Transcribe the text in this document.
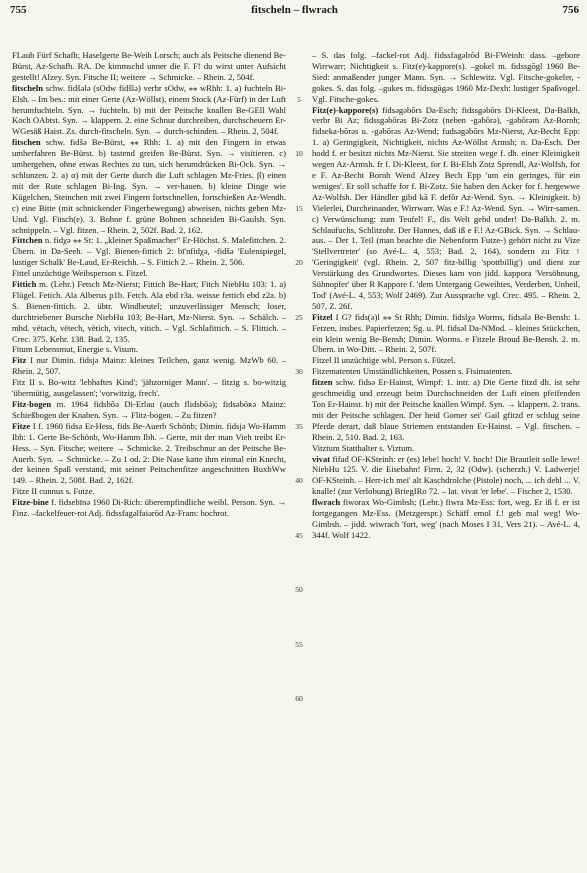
755	fitscheln – flwrach	756
FLaub Fürf Schafh; Haselgerte Be-Weih Lorsch; auch als Peitsche dienend Be-Bürst, Az-Schafh. RA. De kimmschd unner die F. F! du wirst unter Aufsicht gestellt! Alzey. Syn. Fitsche II; weitere → Schmicke. – Rhein. 2, 504f.
fitscheln schw. fidšələ (sOdw fidšlə) verbr sOdw, ⁎⁎ wRhh: 1. a) fuchteln Bi-Elsh. – Im bes.: mit einer Gerte (Az-Wöllst), einem Stock (Az-Fürf) in der Luft herumfuchteln. Syn. → fuchteln. b) mit der Peitsche knallen Be-GEll Wahl Koch OAbtst. Syn. → klappern. 2. eine Schnur durchreiben, durchscheuern Er-WGesäß Haist. Zs. durch-fitscheln. Syn. → durch-schinden. – Rhein. 2, 504f.
fitschen schw. fidšə Be-Bürst, ⁎⁎ Rhh: 1. a) mit den Fingern in etwas umherfahren Be-Bürst. b) tastend greifen Be-Bürst. Syn. → visitieren. c) umhergehen, ohne etwas Rechtes zu tun, sich herumdrücken Bi-Ock. Syn. → schlunzen. 2. a) α) mit der Gerte durch die Luft schlagen Mz-Fries. β) einen mit der Rute schlagen Bi-Ing. Syn. → ver-hauen. b) kleine Dinge wie Kügelchen, Steinchen mit zwei Fingern fortschnellen, fortschießen Az-Wendh. c) eine Bitte (mit schnickender Fingerbewegung) abweisen, nichts geben Mz-Und. Vgl. Fitsch(e). 3. Bohne f. grüne Bohnen schneiden Bi-Gaulsh. Syn. schnippeln. – Vgl. fitzen. – Rhein. 2, 502f. Bad. 2, 162.
Fittchen n. fidχə ⁎⁎ St: 1. „kleiner Spaßmacher" Er-Höchst. S. Malefittchen. 2. Übern. in Da-Seeh. – Vgl. Bienen-fittich 2: bī'nfidχə, -fidšə 'Eulenspiegel, lustiger Schalk' Be-Laud, Er-Reichh. – S. Fittich 2. – Rhein. 2, 506.
Fittel unzüchtige Weibsperson s. Fitzel.
Fittich m. (Lehr.) Fetsch Mz-Nierst; Fittich Be-Hart; Fitch NiebHu 103: 1. a) Flügel. Fetich. Ala Alberus p1b. Fetch. Ala ebd r3a. weisse fettich ebd z2a. b) S. Bienen-fittich. 2. übtr. Windbeutel; unzuverlässiger Mensch; loser, durchtriebener Bursche NiebHu 103; Be-Hart, Mz-Nierst. Syn. → Schälch. – mhd. vëtach, vëtech, vëtich, vitech, vitich. – Vgl. Schlafittich. – S. Flittich. – Crec. 375. Kehr. 138. Bad. 2, 135.
Fitum Lebensmut, Energie s. Visum.
Fitz I nur Dimin. fidsjə Mainz: kleines Teilchen, ganz wenig. MzWb 60. – Rhein. 2, 507.
Fitz II s. Bo-witz 'lebhaftes Kind'; 'jähzorniger Mann'. – fitzig s. bo-witzig 'übermütig, ausgelassen'; 'vorwitzig, frech'.
Fitz-bogen m. 1964 fidsbōə Di-Erlau (auch flidsbōə); fidsəbōʀə Mainz: Schießbogen der Knaben. Syn. → Flitz-bogen. – Zu fitzen?
Fitze I f. 1960 fidsə Er-Hess, fids Be-Auerb Schönb; Dimin. fidsjə Wo-Hamm Ibh: 1. Gerte Be-Schönb, Wo-Hamm Ibh. – Gerte, mit der man Vieh treibt Er-Hess. – Syn. Fitsche; weitere → Schmicke. 2. Treibschnur an der Peitsche Be-Auerb. Syn. → Schmicke. – Zu 1 od. 2: Die Nase katte ihm einmal ein Knecht, der keinen Spaß verstand, mit seiner Peitschenfitze angeschnitten BuxbWw 149. – Rhein. 2, 508f. Bad. 2, 162f.
Fitze II cunnus s. Futze.
Fitze-bine f. fidsebīnə 1960 Di-Rich: überempfindliche weibl. Person. Syn. → Finz. –fackelfeuer-rot Adj. fidssfagəlfaiərōd Az-Fram: hochrot.
5
10
15
20
25
30
35
40
45
50
55
60
– S. das folg. –fackel-rot Adj. fidssfagəlrōd Bi-FWeinh: dass. –gebore Wirrwarr; Nichtigkeit s. Fitz(e)-kappore(s). –gokel m. fidssgōgl 1960 Be-Sied: anmaßender junger Mann. Syn. → Schlewitz. Vgl. Fitsche-gokeler, -gokes. S. das folg. –gukes m. fidssgūgəs 1960 Mz-Dexh: lustiger Spaßvogel. Vgl. Fitsche-gokes.
Fitz(e)-kappore(s) fidsəgəbōrs Da-Esch; fidssgəbōrs Di-Kleest, Da-Balkh, verbr Bi Az; fidssgəbōrəs Bi-Zotz (neben -gəbōrə), -gəbōrəm Az-Bornh; fidseka-bōrəs u. -gəbōrəs Az-Wend; fudsəgəbōrs Mz-Nierst, Az-Becht Epp: 1. a) Geringigkeit, Nichtigkeit, nichts Az-Wöllst Armsh; n. Da-Esch. Der hodd f. er besitzt nichts Mz-Nierst. Sie streiten wege f. dh. einer Kleinigkeit wegen Az-Armsh. fr f. Di-Kleest, for f. Bi-Elsh Zotz Sprendl, Az-Wolfsh, for e F. Az-Becht Bornh Wend Alzey Bech Epp 'um ein geringes, für ein weniges'. Er soll schaffe for f. Bi-Zotz. Sie haben den Acker for f. hergewwe Az-Wolfsh. Der Händler gibd kā F. defōr Az-Wend. Syn. → Kleinigkeit. b) Vielerlei, Durcheinander, Wirrwarr. Was e F.! Az-Wend. Syn. → Wirr-samen. c) Verwünschung: zum Teufel! F., dis Welt gehd under! Da-Balkh. 2. m. Schlaufuchs, Schlitzohr. Der Hannes, daß iß e F.! Az-GBick. Syn. → Schlau-aus. – Der 1. Teil (man beachte die Nebenform Futze-) gehört nicht zu Vize 'Stellvertreter' (so Avé-L. 4, 553; Bad. 2, 164), sondern zu Fitz ↑ 'Geringigkeit' (vgl. Rhein. 2, 507 fitz-billig 'spottbillig') und dient zur Verstärkung des Grundwortes. Dieses kam von jidd. kappora 'Versöhnung, Sühnopfer' über R Kappore f. 'dem Untergang Geweihtes, Verderben, Unheil, Tod' (Avé-L. 4, 553; Wolf 2469). Zur Aussprache vgl. Crec. 495. – Rhein. 2, 507, Z. 26f.
Fitzel I G? fids(ə)l ⁎⁎ St Rhh; Dimin. fidslχə Worms, fidsələ Be-Bensh: 1. Fetzen, insbes. Papierfetzen; Sg. u. Pl. fidsəl Da-NMod. – kleines Stückchen, ein klein wenig Be-Bensh; Dimin. Worms. e Fitzele Broud Be-Bensh. 2. m. Übern. in Wo-Ditt. – Rhein. 2, 507f.
Fitzel II unzüchtige wbl. Person s. Fützel.
Fitzematenten Umständlichkeiten, Possen s. Fisimatenten.
fitzen schw. fidsə Er-Hainst, Wimpf: 1. intr. a) Die Gerte fitzd dh. ist sehr geschmeidig und erzeugt beim Durchschneiden der Luft einen pfeifenden Ton Er-Hainst. b) mit der Peitsche knallen Wimpf. Syn. → klappern. 2. trans. mit der Peitsche schlagen. Der heid Gomer sei' Gail gfitzd er schlug seine Pferde derart, daß blaue Striemen entstanden Er-Hainst. – Vgl. fitschen. – Rhein. 2, 510. Bad. 2, 163.
Vitztum Statthalter s. Viztum.
vivat fifad OF-KSteinh: er (es) lebe! hoch! V. hoch! Die Brautleit solle lewe! NiebHu 125. V. die Eisebahn! Firm. 2, 32 (Odw). (scherzh.) V. Ladwerje! OF-KSteinh. – Herr-ich mei' alt Kaschdrolche (Pistole) noch, ... ich dehl ... V. knalle! (zur Verlobung) BriegIRo 72. – lat. vivat 'er lebe'. – Fischer 2, 1530.
flwrach fiworax Wo-Gimbsh; (Lehr.) fiwra Mz-Ess: fort, weg. Er iß f. er ist fortgegangen Mz-Ess. (Metzgerspr.) Schäff emol f.! geh mal weg! Wo-Gimbsh. – jidd. wiwrach 'fort, weg' (nach Moses I 31, Vers 21). – Avé-L. 4, 344f. Wolf 1422.
